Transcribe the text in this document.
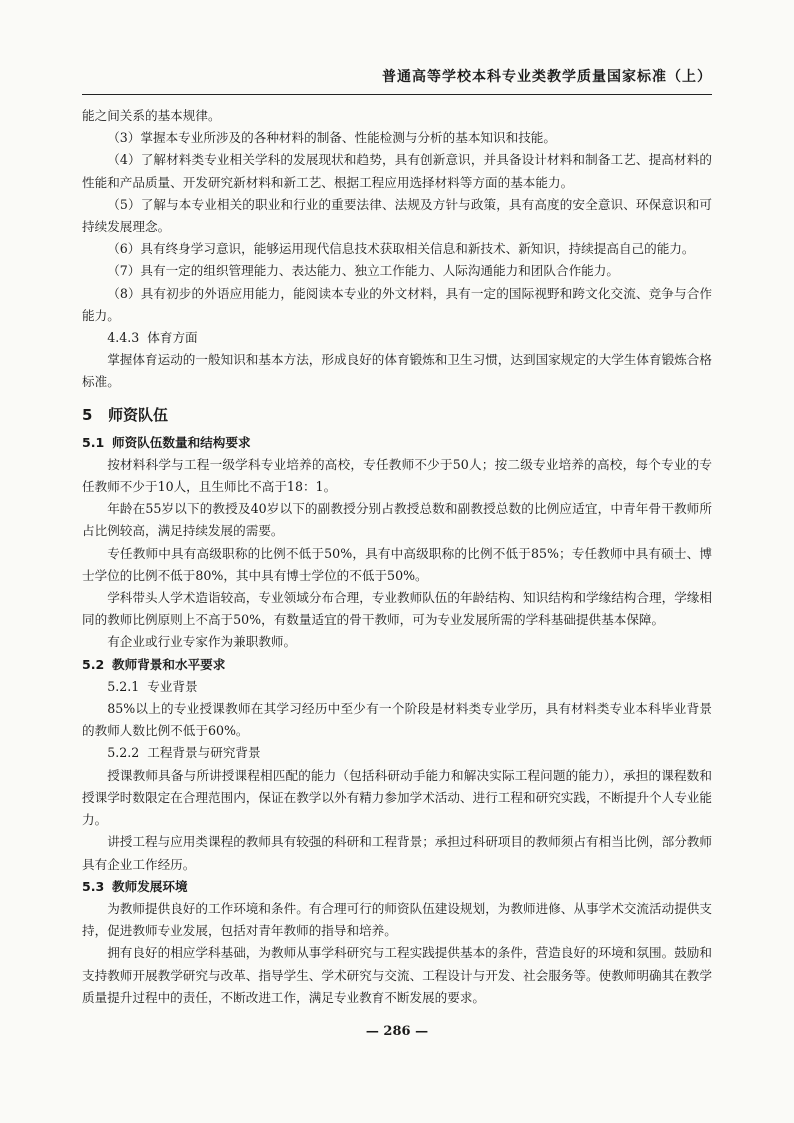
普通高等学校本科专业类教学质量国家标准（上）

能之间关系的基本规律。

（3）掌握本专业所涉及的各种材料的制备、性能检测与分析的基本知识和技能。

（4）了解材料类专业相关学科的发展现状和趋势，具有创新意识，并具备设计材料和制备工艺、提高材料的性能和产品质量、开发研究新材料和新工艺、根据工程应用选择材料等方面的基本能力。

（5）了解与本专业相关的职业和行业的重要法律、法规及方针与政策，具有高度的安全意识、环保意识和可持续发展理念。

（6）具有终身学习意识，能够运用现代信息技术获取相关信息和新技术、新知识，持续提高自己的能力。

（7）具有一定的组织管理能力、表达能力、独立工作能力、人际沟通能力和团队合作能力。

（8）具有初步的外语应用能力，能阅读本专业的外文材料，具有一定的国际视野和跨文化交流、竞争与合作能力。

4.4.3 体育方面

掌握体育运动的一般知识和基本方法，形成良好的体育锻炼和卫生习惯，达到国家规定的大学生体育锻炼合格标准。

5 师资队伍
5.1 师资队伍数量和结构要求

按材料科学与工程一级学科专业培养的高校，专任教师不少于50人；按二级专业培养的高校，每个专业的专任教师不少于10人，且生师比不高于18：1。

年龄在55岁以下的教授及40岁以下的副教授分别占教授总数和副教授总数的比例应适宜，中青年骨干教师所占比例较高，满足持续发展的需要。

专任教师中具有高级职称的比例不低于50%，具有中高级职称的比例不低于85%；专任教师中具有硕士、博士学位的比例不低于80%，其中具有博士学位的不低于50%。

学科带头人学术造诣较高，专业领域分布合理，专业教师队伍的年龄结构、知识结构和学缘结构合理，学缘相同的教师比例原则上不高于50%，有数量适宜的骨干教师，可为专业发展所需的学科基础提供基本保障。

有企业或行业专家作为兼职教师。

5.2 教师背景和水平要求

5.2.1 专业背景

85%以上的专业授课教师在其学习经历中至少有一个阶段是材料类专业学历，具有材料类专业本科毕业背景的教师人数比例不低于60%。

5.2.2 工程背景与研究背景

授课教师具备与所讲授课程相匹配的能力（包括科研动手能力和解决实际工程问题的能力），承担的课程数和授课学时数限定在合理范围内，保证在教学以外有精力参加学术活动、进行工程和研究实践，不断提升个人专业能力。

讲授工程与应用类课程的教师具有较强的科研和工程背景；承担过科研项目的教师须占有相当比例，部分教师具有企业工作经历。

5.3 教师发展环境

为教师提供良好的工作环境和条件。有合理可行的师资队伍建设规划，为教师进修、从事学术交流活动提供支持，促进教师专业发展，包括对青年教师的指导和培养。

拥有良好的相应学科基础，为教师从事学科研究与工程实践提供基本的条件，营造良好的环境和氛围。鼓励和支持教师开展教学研究与改革、指导学生、学术研究与交流、工程设计与开发、社会服务等。使教师明确其在教学质量提升过程中的责任，不断改进工作，满足专业教育不断发展的要求。

— 286 —
